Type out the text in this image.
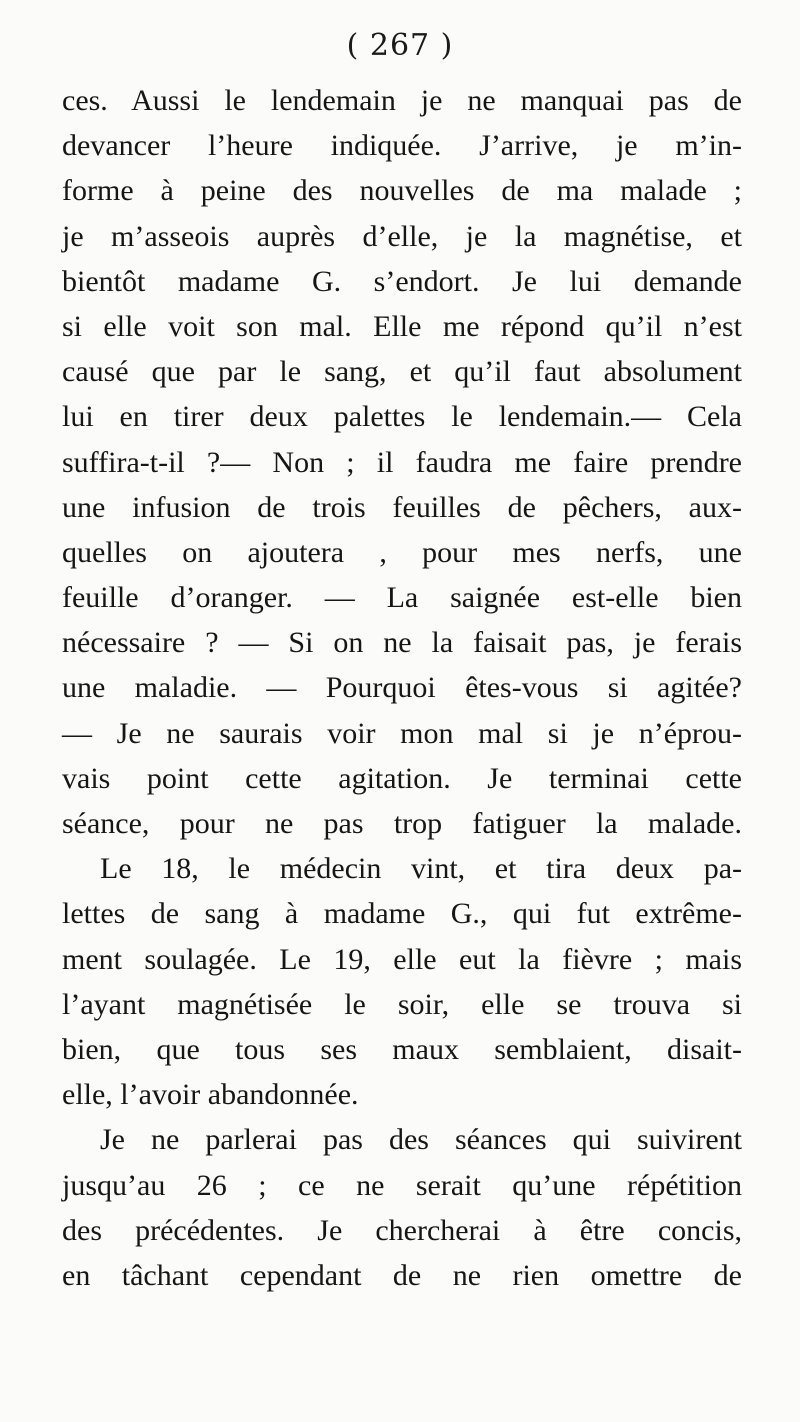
( 267 )
ces. Aussi le lendemain je ne manquai pas de
devancer l’heure indiquée. J’arrive, je m’in-
forme à peine des nouvelles de ma malade ;
je m’asseois auprès d’elle, je la magnétise, et
bientôt madame G. s’endort. Je lui demande
si elle voit son mal. Elle me répond qu’il n’est
causé que par le sang, et qu’il faut absolument
lui en tirer deux palettes le lendemain.— Cela
suffira-t-il ?— Non ; il faudra me faire prendre
une infusion de trois feuilles de pêchers, aux-
quelles on ajoutera , pour mes nerfs, une
feuille d’oranger. — La saignée est-elle bien
nécessaire ? — Si on ne la faisait pas, je ferais
une maladie. — Pourquoi êtes-vous si agitée?
— Je ne saurais voir mon mal si je n’éprou-
vais point cette agitation. Je terminai cette
séance, pour ne pas trop fatiguer la malade.
Le 18, le médecin vint, et tira deux pa-
lettes de sang à madame G., qui fut extrême-
ment soulagée. Le 19, elle eut la fièvre ; mais
l’ayant magnétisée le soir, elle se trouva si
bien, que tous ses maux semblaient, disait-
elle, l’avoir abandonnée.
Je ne parlerai pas des séances qui suivirent
jusqu’au 26 ; ce ne serait qu’une répétition
des précédentes. Je chercherai à être concis,
en tâchant cependant de ne rien omettre de
